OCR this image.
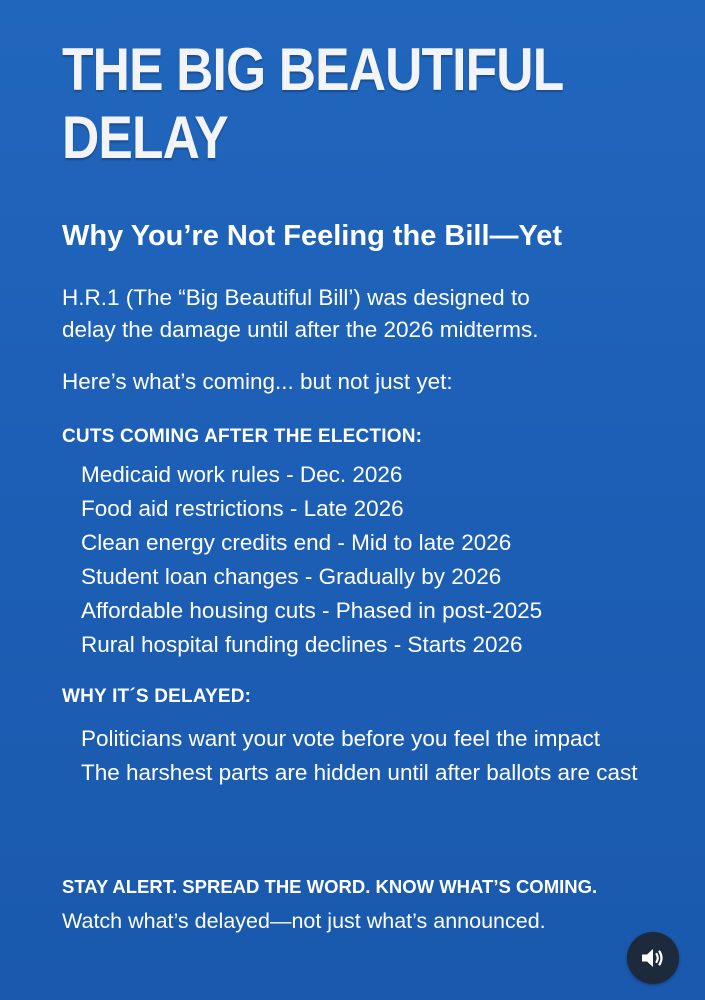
THE BIG BEAUTIFUL
DELAY
Why You’re Not Feeling the Bill—Yet

H.R.1 (The “Big Beautiful Bill’) was designed to
delay the damage until after the 2026 midterms.

Here’s what’s coming... but not just yet:

CUTS COMING AFTER THE ELECTION:
Medicaid work rules - Dec. 2026
Food aid restrictions - Late 2026
Clean energy credits end - Mid to late 2026
Student loan changes - Gradually by 2026
Affordable housing cuts - Phased in post-2025
Rural hospital funding declines - Starts 2026
WHY IT´S DELAYED:
Politicians want your vote before you feel the impact
The harshest parts are hidden until after ballots are cast

STAY ALERT. SPREAD THE WORD. KNOW WHAT’S COMING.

Watch what’s delayed—not just what’s announced.
